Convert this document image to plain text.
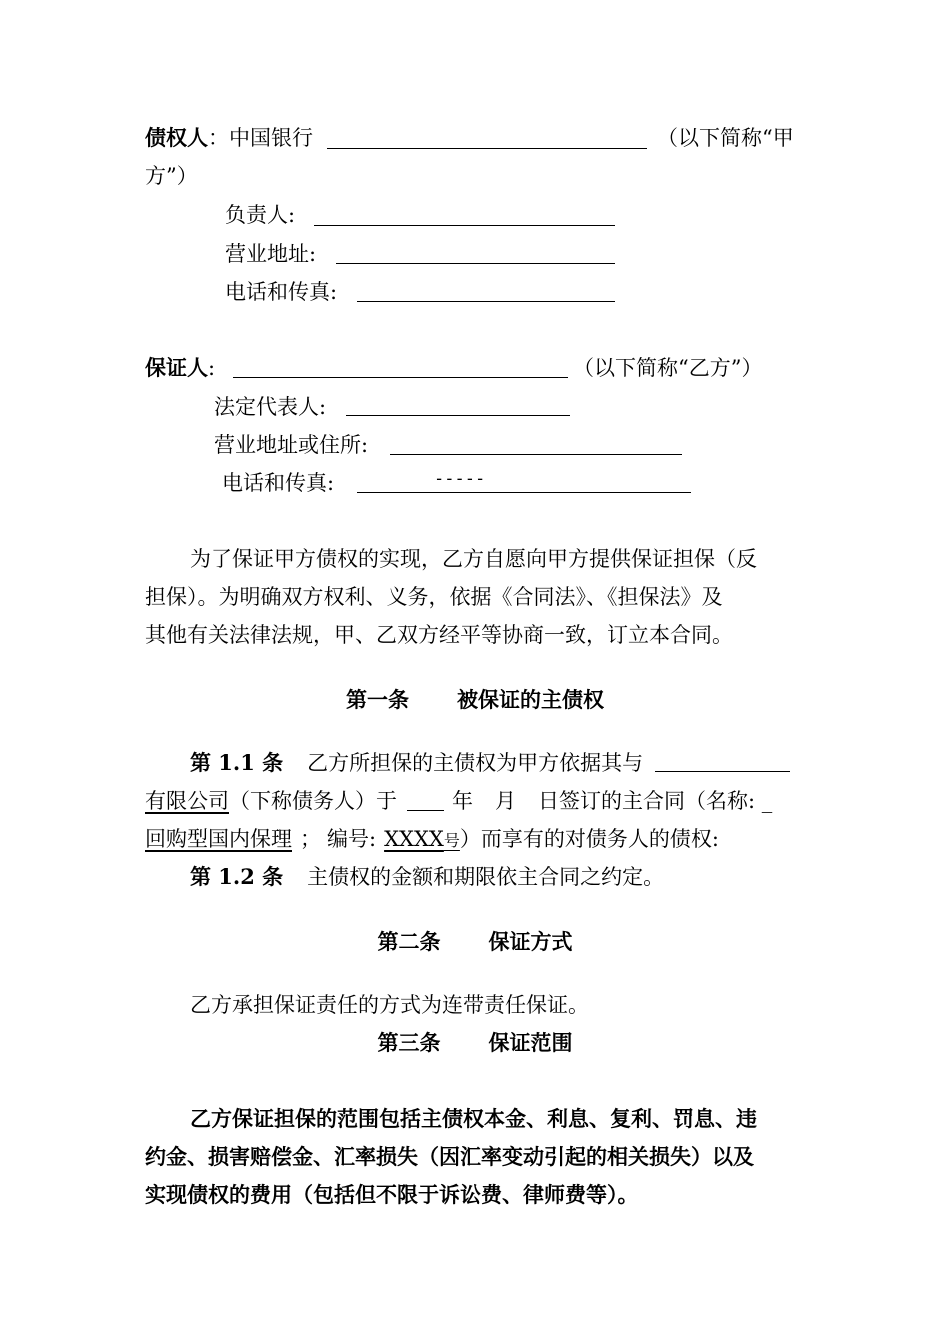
债权人：中国银行	（以下简称“甲
方”）
负责人:
营业地址:
电话和传真:
保证人:	（以下简称“乙方”）
法定代表人:
营业地址或住所:
电话和传真:	-----
为了保证甲方债权的实现，乙方自愿向甲方提供保证担保（反
担保）。为明确双方权利、义务，依据《合同法》、《担保法》及
其他有关法律法规，甲、乙双方经平等协商一致，订立本合同。
第一条 被保证的主债权
第 1.1 条 乙方所担保的主债权为甲方依据其与
有限公司（下称债务人）于	年 月 日签订的主合同（名称: _
回购型国内保理 ； 编号: XXXX号）而享有的对债务人的债权:
第 1.2 条 主债权的金额和期限依主合同之约定。
第二条 保证方式
乙方承担保证责任的方式为连带责任保证。
第三条 保证范围
乙方保证担保的范围包括主债权本金、利息、复利、罚息、违
约金、损害赔偿金、汇率损失（因汇率变动引起的相关损失）以及
实现债权的费用（包括但不限于诉讼费、律师费等）。
